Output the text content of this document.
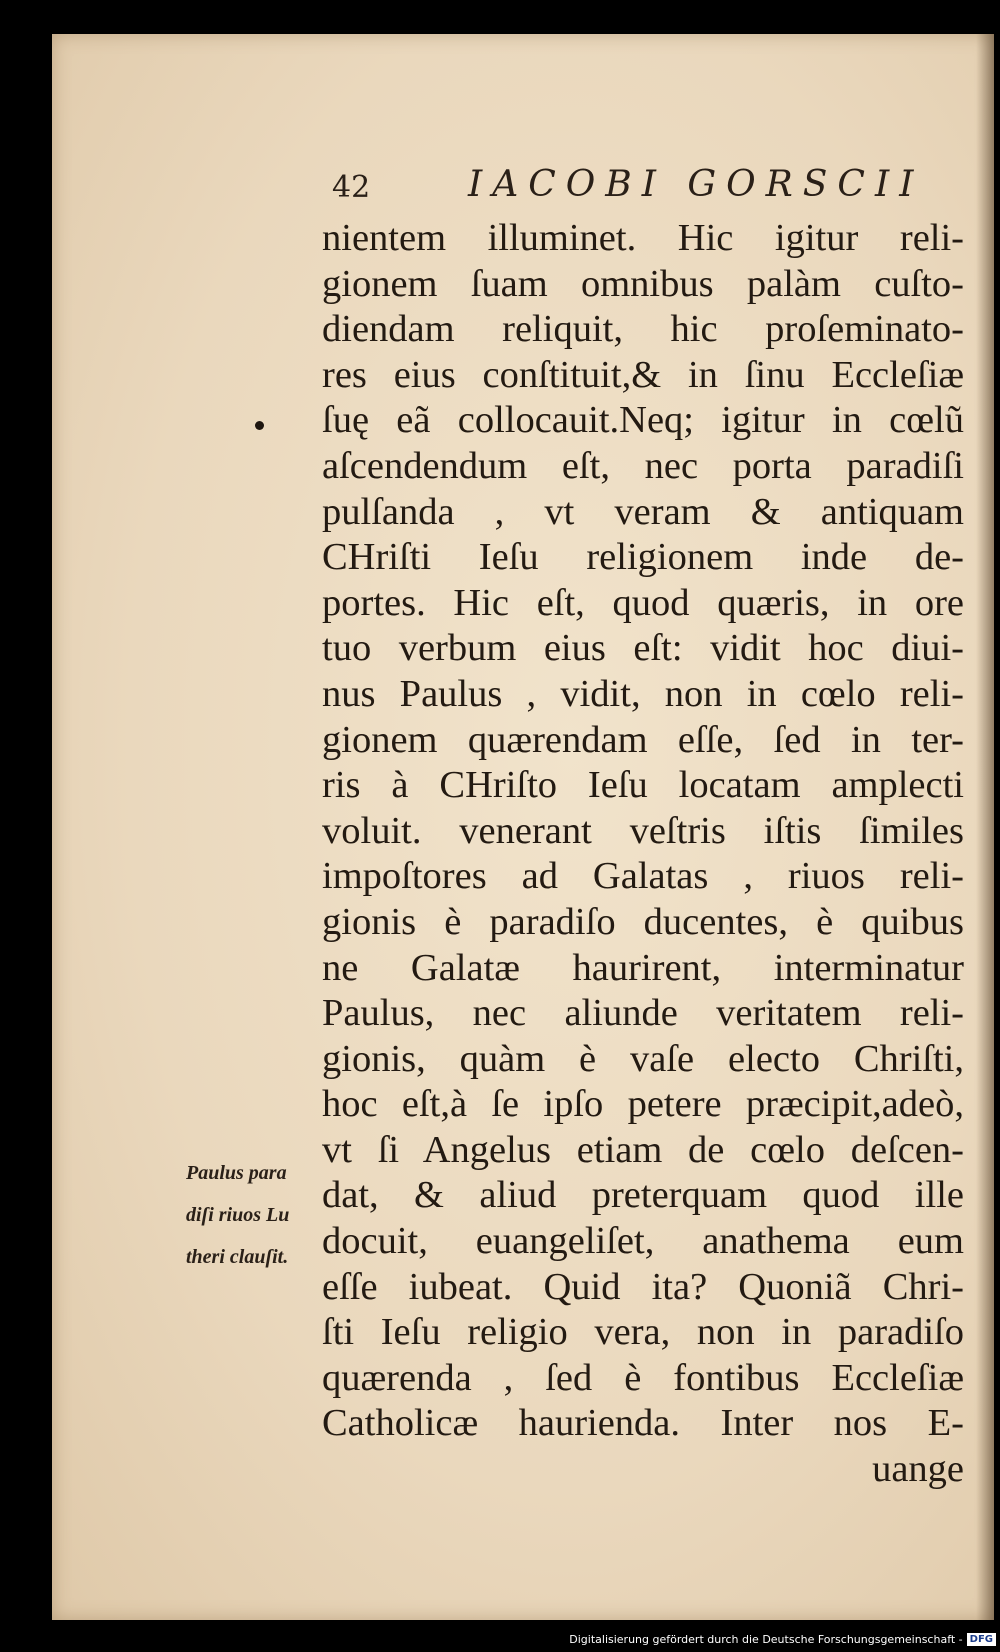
42	IACOBI GORSCII
Paulus para
diſi riuos Lu
theri clauſit.
nientem illuminet. Hic igitur reli-
gionem ſuam omnibus palàm cuſto-
diendam reliquit, hic proſeminato-
res eius conſtituit,& in ſinu Eccleſiæ
ſuę eã collocauit.Neq; igitur in cœlũ
aſcendendum eſt, nec porta paradiſi
pulſanda , vt veram & antiquam
CHriſti Ieſu religionem inde de-
portes. Hic eſt, quod quæris, in ore
tuo verbum eius eſt: vidit hoc diui-
nus Paulus , vidit, non in cœlo reli-
gionem quærendam eſſe, ſed in ter-
ris à CHriſto Ieſu locatam amplecti
voluit. venerant veſtris iſtis ſimiles
impoſtores ad Galatas , riuos reli-
gionis è paradiſo ducentes, è quibus
ne Galatæ haurirent, interminatur
Paulus, nec aliunde veritatem reli-
gionis, quàm è vaſe electo Chriſti,
hoc eſt,à ſe ipſo petere præcipit,adeò,
vt ſi Angelus etiam de cœlo deſcen-
dat, & aliud preterquam quod ille
docuit, euangeliſet, anathema eum
eſſe iubeat. Quid ita? Quoniã Chri-
ſti Ieſu religio vera, non in paradiſo
quærenda , ſed è fontibus Eccleſiæ
Catholicæ haurienda. Inter nos E-
uange
Digitalisierung gefördert durch die Deutsche Forschungsgemeinschaft - DFG
